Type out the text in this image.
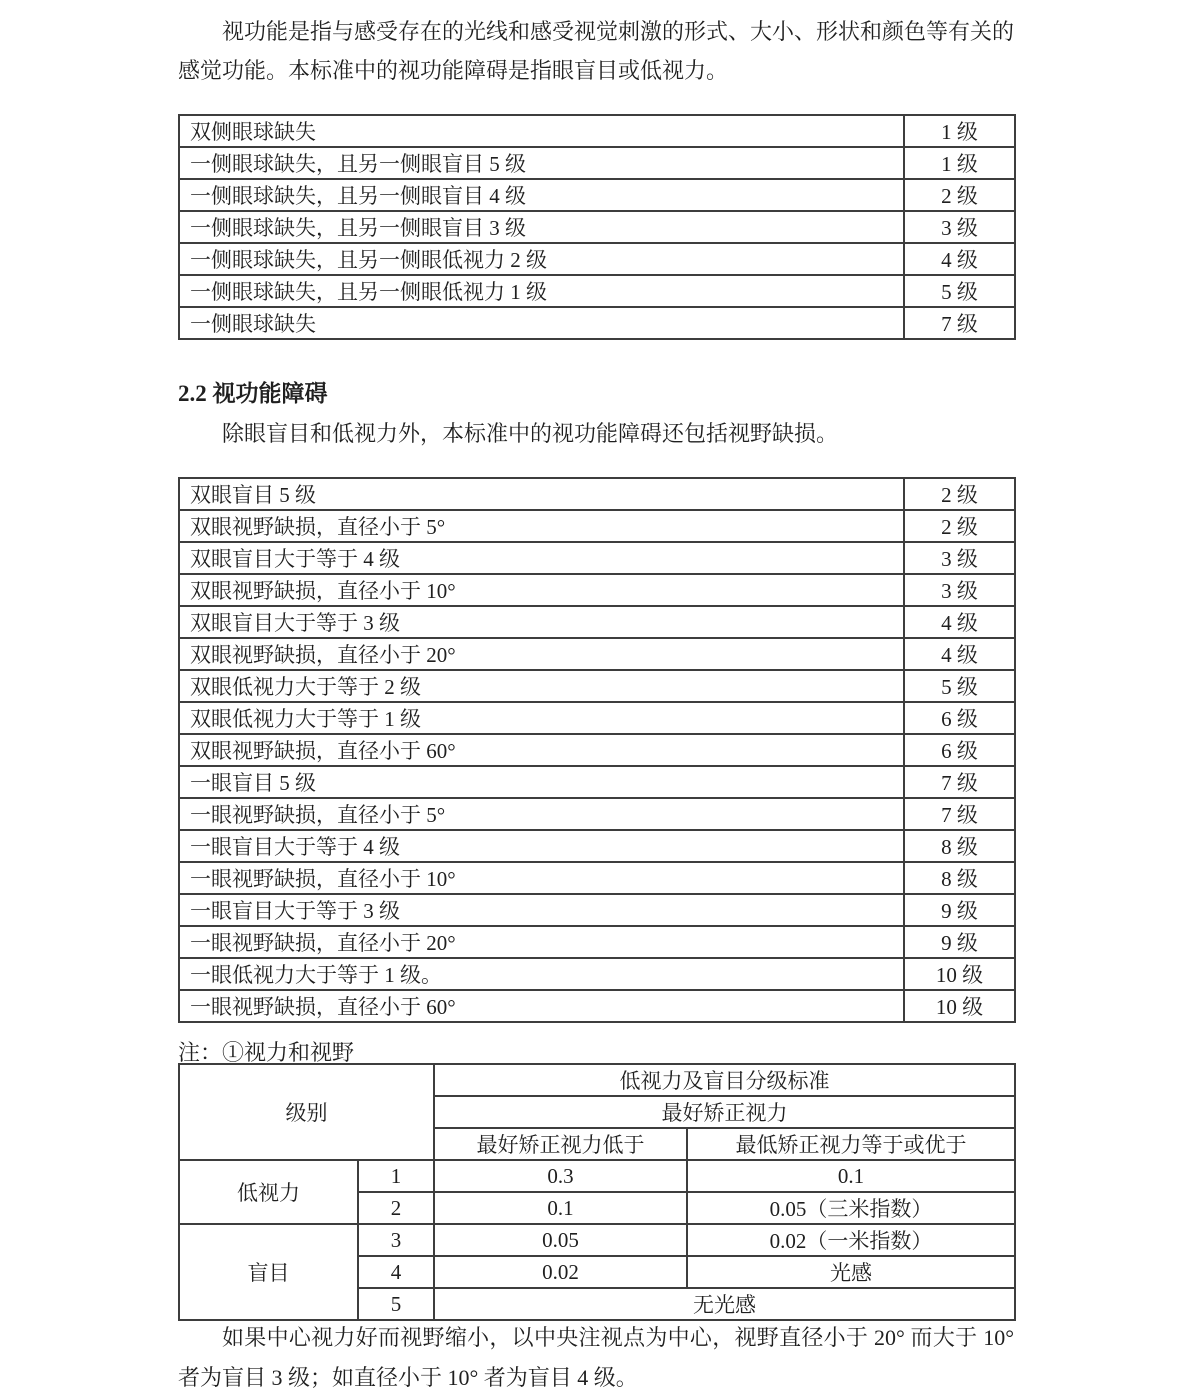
视功能是指与感受存在的光线和感受视觉刺激的形式、大小、形状和颜色等有关的感觉功能。本标准中的视功能障碍是指眼盲目或低视力。

双侧眼球缺失	1 级
一侧眼球缺失，且另一侧眼盲目 5 级	1 级
一侧眼球缺失，且另一侧眼盲目 4 级	2 级
一侧眼球缺失，且另一侧眼盲目 3 级	3 级
一侧眼球缺失，且另一侧眼低视力 2 级	4 级
一侧眼球缺失，且另一侧眼低视力 1 级	5 级
一侧眼球缺失	7 级
2.2 视功能障碍

除眼盲目和低视力外，本标准中的视功能障碍还包括视野缺损。

双眼盲目 5 级	2 级
双眼视野缺损，直径小于 5°	2 级
双眼盲目大于等于 4 级	3 级
双眼视野缺损，直径小于 10°	3 级
双眼盲目大于等于 3 级	4 级
双眼视野缺损，直径小于 20°	4 级
双眼低视力大于等于 2 级	5 级
双眼低视力大于等于 1 级	6 级
双眼视野缺损，直径小于 60°	6 级
一眼盲目 5 级	7 级
一眼视野缺损，直径小于 5°	7 级
一眼盲目大于等于 4 级	8 级
一眼视野缺损，直径小于 10°	8 级
一眼盲目大于等于 3 级	9 级
一眼视野缺损，直径小于 20°	9 级
一眼低视力大于等于 1 级。	10 级
一眼视野缺损，直径小于 60°	10 级

注：①视力和视野

级别		低视力及盲目分级标准	
		最好矫正视力	
		最好矫正视力低于	最低矫正视力等于或优于
低视力	1	0.3	0.1
	2	0.1	0.05（三米指数）
盲目	3	0.05	0.02（一米指数）
	4	0.02	光感
	5	无光感	

如果中心视力好而视野缩小，以中央注视点为中心，视野直径小于 20° 而大于 10° 者为盲目 3 级；如直径小于 10° 者为盲目 4 级。
